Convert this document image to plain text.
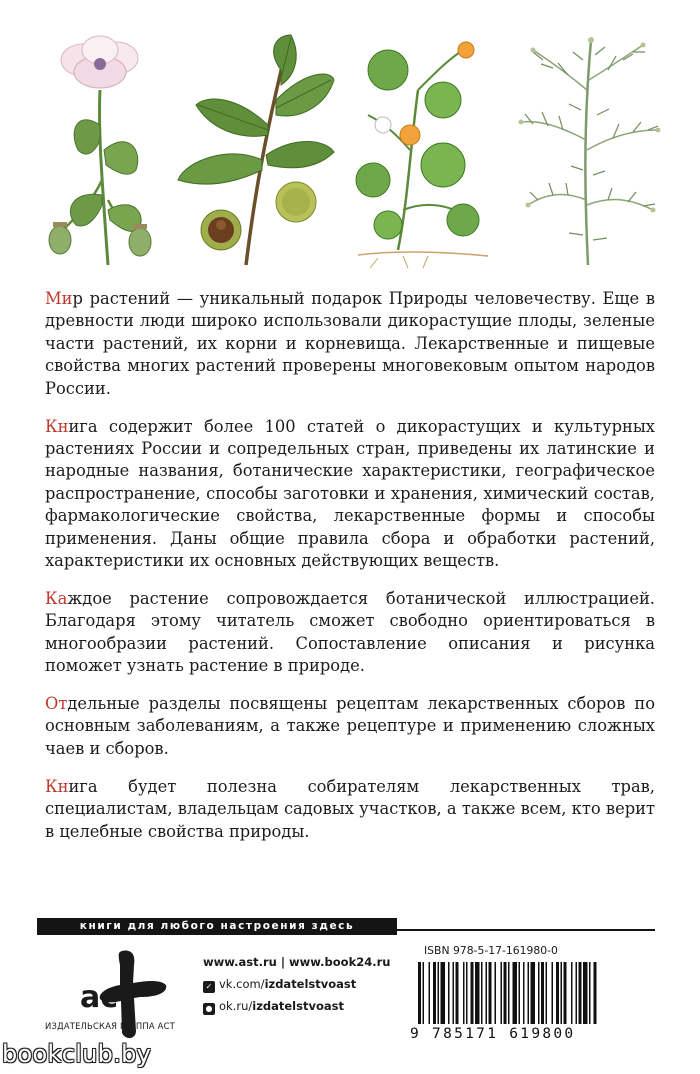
Мир растений — уникальный подарок Природы человечеству. Еще в древности люди широко использовали дикорастущие плоды, зеленые части растений, их корни и корневища. Лекарственные и пищевые свойства многих растений проверены многовековым опытом народов России.

Книга содержит более 100 статей о дикорастущих и культурных растениях России и сопредельных стран, приведены их латинские и народные названия, ботанические характеристики, географическое распространение, способы заготовки и хранения, химический состав, фармакологические свойства, лекарственные формы и способы применения. Даны общие правила сбора и обработки растений, характеристики их основных действующих веществ.

Каждое растение сопровождается ботанической иллюстрацией. Благодаря этому читатель сможет свободно ориентироваться в многообразии растений. Сопоставление описания и рисунка поможет узнать растение в природе.

Отдельные разделы посвящены рецептам лекарственных сборов по основным заболеваниям, а также рецептуре и применению сложных чаев и сборов.

Книга будет полезна собирателям лекарственных трав, специалистам, владельцам садовых участков, а также всем, кто верит в целебные свойства природы.

книги для любого настроения здесь
аст
ИЗДАТЕЛЬСКАЯ ГРУППА АСТ
www.ast.ru | www.book24.ru
✓ vk.com/izdatelstvoast
● ok.ru/izdatelstvoast
ISBN 978-5-17-161980-0
9 785171 619800
bookclub.by
